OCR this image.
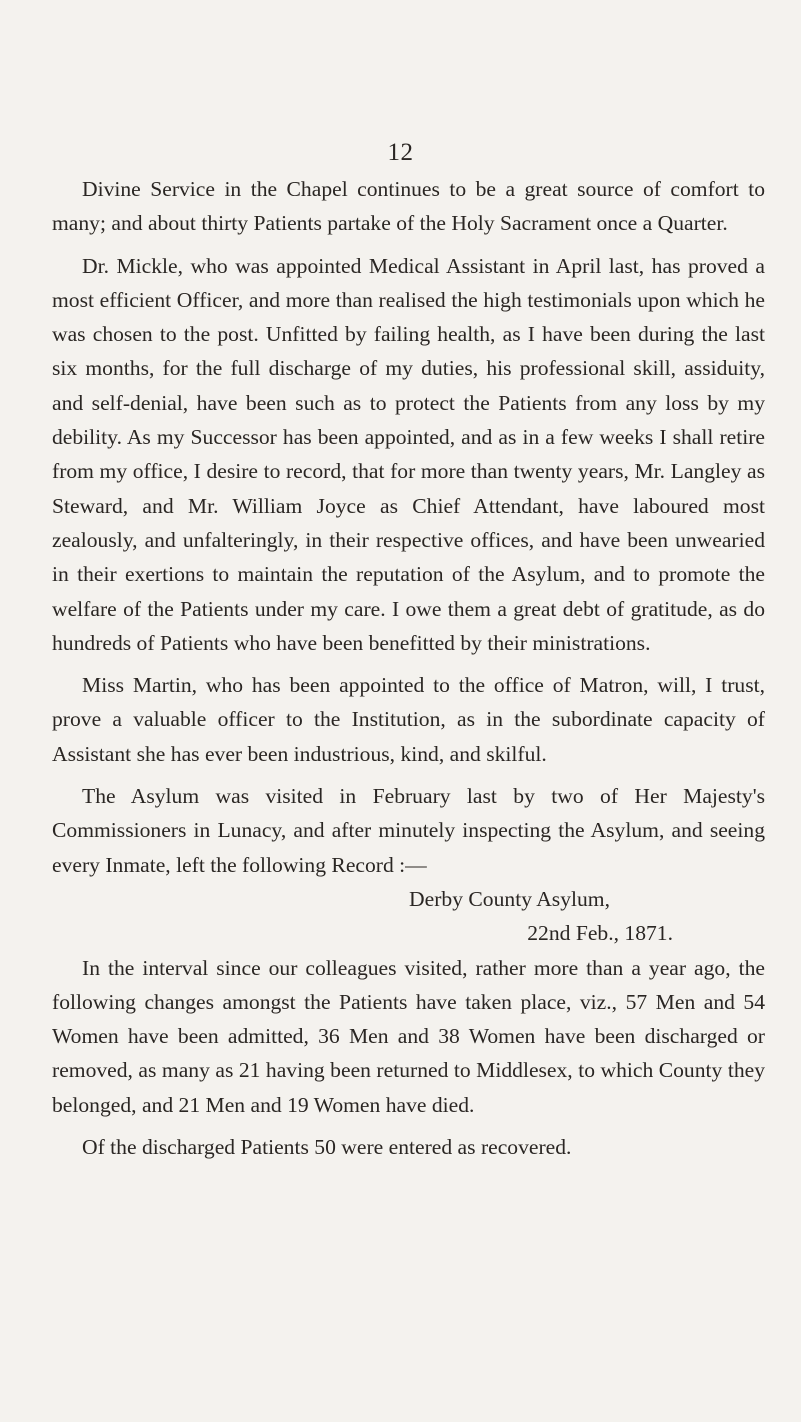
12

Divine Service in the Chapel continues to be a great source of comfort to many; and about thirty Patients partake of the Holy Sacrament once a Quarter.

Dr. Mickle, who was appointed Medical Assistant in April last, has proved a most efficient Officer, and more than realised the high testimonials upon which he was chosen to the post. Unfitted by failing health, as I have been during the last six months, for the full discharge of my duties, his professional skill, assiduity, and self-denial, have been such as to protect the Patients from any loss by my debility. As my Successor has been appointed, and as in a few weeks I shall retire from my office, I desire to record, that for more than twenty years, Mr. Langley as Steward, and Mr. William Joyce as Chief Attendant, have laboured most zealously, and unfalteringly, in their respective offices, and have been unwearied in their exertions to maintain the reputation of the Asylum, and to promote the welfare of the Patients under my care. I owe them a great debt of gratitude, as do hundreds of Patients who have been benefitted by their ministrations.

Miss Martin, who has been appointed to the office of Matron, will, I trust, prove a valuable officer to the Institution, as in the subordinate capacity of Assistant she has ever been industrious, kind, and skilful.

The Asylum was visited in February last by two of Her Majesty's Commissioners in Lunacy, and after minutely inspecting the Asylum, and seeing every Inmate, left the following Record :—

Derby County Asylum,

22nd Feb., 1871.

In the interval since our colleagues visited, rather more than a year ago, the following changes amongst the Patients have taken place, viz., 57 Men and 54 Women have been admitted, 36 Men and 38 Women have been discharged or removed, as many as 21 having been returned to Middlesex, to which County they belonged, and 21 Men and 19 Women have died.

Of the discharged Patients 50 were entered as recovered.
